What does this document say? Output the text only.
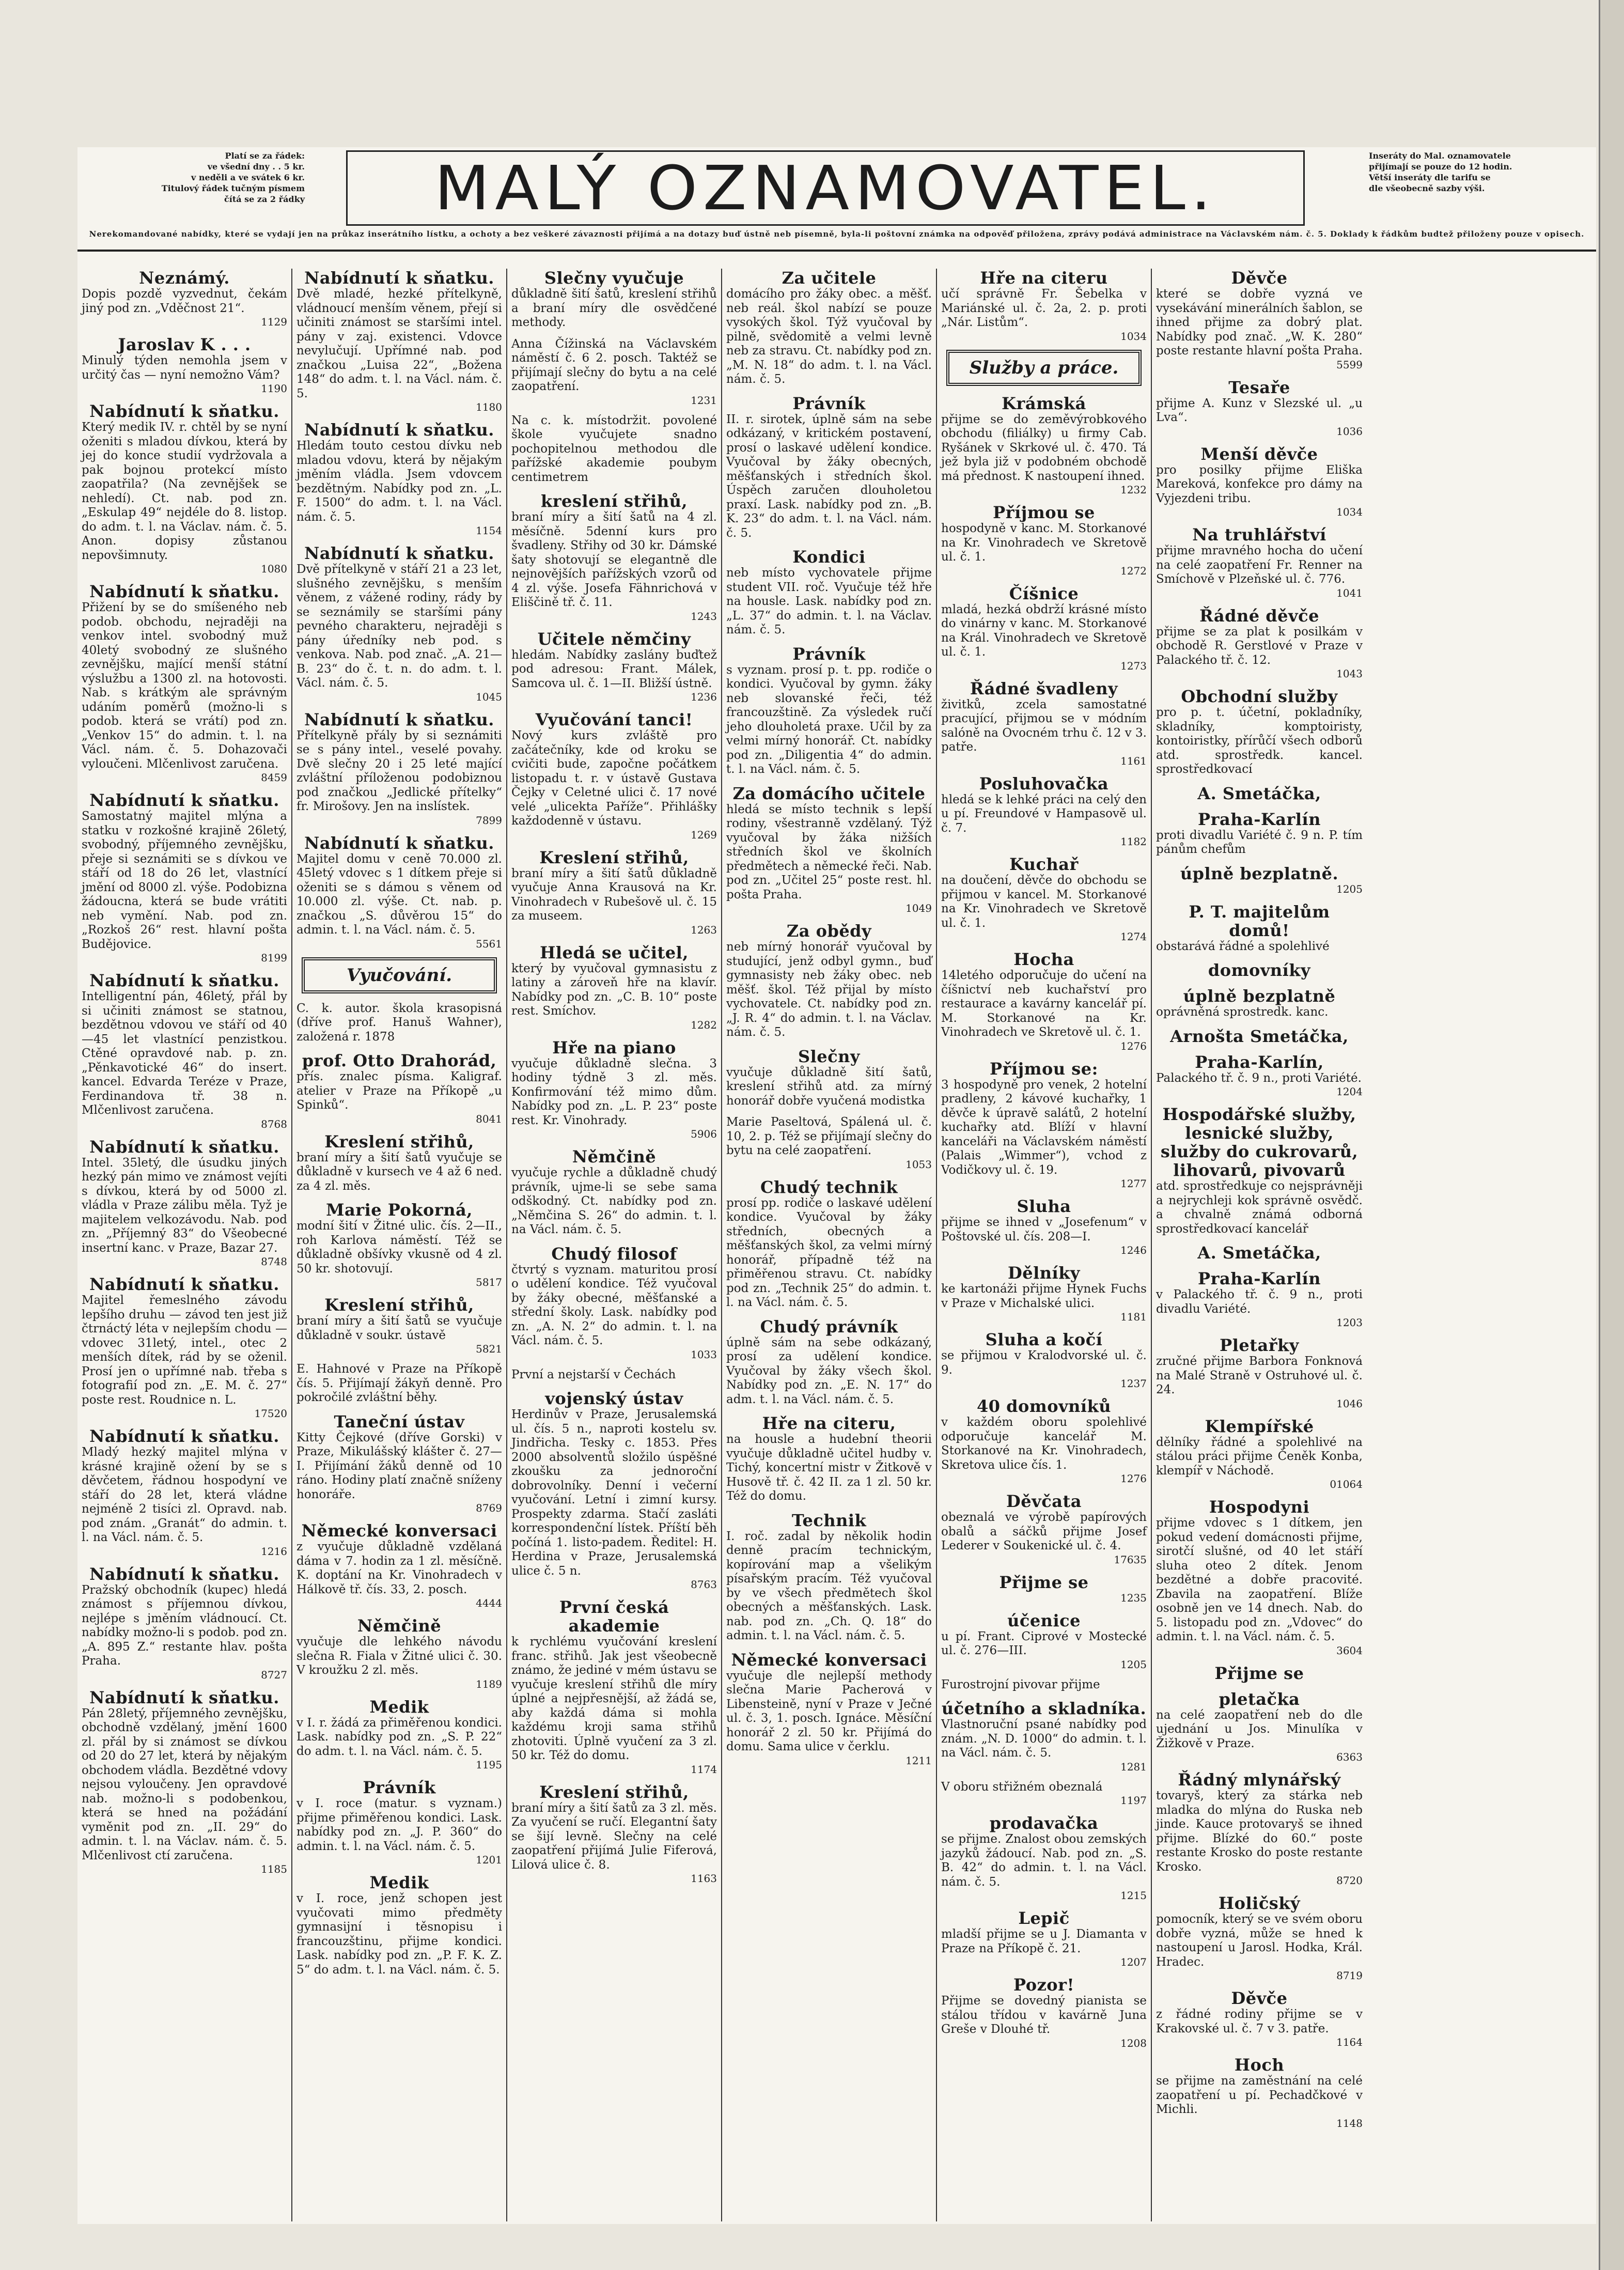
Platí se za řádek:
ve všední dny . . 5 kr.
v neděli a ve svátek 6 kr.
Titulový řádek tučným písmem
čítá se za 2 řádky MALÝ OZNAMOVATEL.	Inseráty do Mal. oznamovatele
přijímají se pouze do 12 hodin.
Větší inseráty dle tarifu se
dle všeobecně sazby výši.
Nerekomandované nabídky, které se vydají jen na průkaz inserátního lístku, a ochoty a bez veškeré závaznosti přijímá a na dotazy buď ústně neb písemně, byla-li poštovní známka na odpověď přiložena, zprávy podává administrace na Václavském nám. č. 5. Doklady k řádkům budtež přiloženy pouze v opisech.
Neznámý.

Dopis pozdě vyzvednut, čekám jiný pod zn. „Vděčnost 21“.

1129
Jaroslav K . . .

Minulý týden nemohla jsem v určitý čas — nyní nemožno Vám?

1190
Nabídnutí k sňatku.

Který medik IV. r. chtěl by se nyní oženiti s mladou dívkou, která by jej do konce studií vydržovala a pak bojnou protekcí místo zaopatřila? (Na zevnějšek se nehledí). Ct. nab. pod zn. „Eskulap 49“ nejdéle do 8. listop. do adm. t. l. na Václav. nám. č. 5. Anon. dopisy zůstanou nepovšimnuty.

1080
Nabídnutí k sňatku.

Přižení by se do smíšeného neb podob. obchodu, nejraději na venkov intel. svobodný muž 40letý svobodný ze slušného zevnějšku, mající menší státní výslužbu a 1300 zl. na hotovosti. Nab. s krátkým ale správným udáním poměrů (možno-li s podob. která se vrátí) pod zn. „Venkov 15“ do admin. t. l. na Václ. nám. č. 5. Dohazovači vyloučeni. Mlčenlivost zaručena.

8459
Nabídnutí k sňatku.

Samostatný majitel mlýna a statku v rozkošné krajině 26letý, svobodný, příjemného zevnějšku, přeje si seznámiti se s dívkou ve stáří od 18 do 26 let, vlastnící jmění od 8000 zl. výše. Podobizna žádoucna, která se bude vrátiti neb vymění. Nab. pod zn. „Rozkoš 26“ rest. hlavní pošta Budějovice.

8199
Nabídnutí k sňatku.

Intelligentní pán, 46letý, přál by si učiniti známost se statnou, bezdětnou vdovou ve stáří od 40—45 let vlastnící penzistkou. Ctěné opravdové nab. p. zn. „Pěnkavotické 46“ do insert. kancel. Edvarda Teréze v Praze, Ferdinandova tř. 38 n. Mlčenlivost zaručena.

8768
Nabídnutí k sňatku.

Intel. 35letý, dle úsudku jiných hezký pán mimo ve známost vejíti s dívkou, která by od 5000 zl. vládla v Praze zálibu měla. Tyž je majitelem velkozávodu. Nab. pod zn. „Příjemný 83“ do Všeobecné insertní kanc. v Praze, Bazar 27.

8748
Nabídnutí k sňatku.

Majitel řemeslného závodu lepšího druhu — závod ten jest již čtrnáctý léta v nejlepším chodu — vdovec 31letý, intel., otec 2 menších dítek, rád by se oženil. Prosí jen o upřímné nab. třeba s fotografií pod zn. „E. M. č. 27“ poste rest. Roudnice n. L.

17520
Nabídnutí k sňatku.

Mladý hezký majitel mlýna v krásné krajině ožení by se s děvčetem, řádnou hospodyní ve stáří do 28 let, která vládne nejméně 2 tisíci zl. Opravd. nab. pod znám. „Granát“ do admin. t. l. na Václ. nám. č. 5.

1216
Nabídnutí k sňatku.

Pražský obchodník (kupec) hledá známost s příjemnou dívkou, nejlépe s jměním vládnoucí. Ct. nabídky možno-li s podob. pod zn. „A. 895 Z.“ restante hlav. pošta Praha.

8727
Nabídnutí k sňatku.

Pán 28letý, příjemného zevnějšku, obchodně vzdělaný, jmění 1600 zl. přál by si známost se dívkou od 20 do 27 let, která by nějakým obchodem vládla. Bezdětné vdovy nejsou vyloučeny. Jen opravdové nab. možno-li s podobenkou, která se hned na požádání vyměnit pod zn. „II. 29“ do admin. t. l. na Václav. nám. č. 5. Mlčenlivost ctí zaručena.

1185
Nabídnutí k sňatku.

Dvě mladé, hezké přítelkyně, vládnoucí menším věnem, přejí si učiniti známost se staršími intel. pány v zaj. existenci. Vdovce nevylučují. Upřímné nab. pod značkou „Luisa 22“, „Božena 148“ do adm. t. l. na Václ. nám. č. 5.

1180
Nabídnutí k sňatku.

Hledám touto cestou dívku neb mladou vdovu, která by nějakým jměním vládla. Jsem vdovcem bezdětným. Nabídky pod zn. „L. F. 1500“ do adm. t. l. na Václ. nám. č. 5.

1154
Nabídnutí k sňatku.

Dvě přítelkyně v stáří 21 a 23 let, slušného zevnějšku, s menším věnem, z vážené rodiny, rády by se seznámily se staršími pány pevného charakteru, nejraději s pány úředníky neb pod. s venkova. Nab. pod znač. „A. 21—B. 23“ do č. t. n. do adm. t. l. Václ. nám. č. 5.

1045
Nabídnutí k sňatku.

Přítelkyně přály by si seznámiti se s pány intel., veselé povahy. Dvě slečny 20 i 25 leté mající zvláštní příloženou podobiznou pod značkou „Jedlické přítelky“ fr. Mirošovy. Jen na inslístek.

7899
Nabídnutí k sňatku.

Majitel domu v ceně 70.000 zl. 45letý vdovec s 1 dítkem přeje si oženiti se s dámou s věnem od 10.000 zl. výše. Ct. nab. p. značkou „S. důvěrou 15“ do admin. t. l. na Václ. nám. č. 5.

5561
Vyučování.

C. k. autor. škola krasopisná (dříve prof. Hanuš Wahner), založená r. 1878

prof. Otto Drahorád,

přís. znalec písma. Kaligraf. atelier v Praze na Příkopě „u Spinků“.

8041
Kreslení střihů,

braní míry a šití šatů vyučuje se důkladně v kursech ve 4 až 6 ned. za 4 zl. měs.

Marie Pokorná,

modní šití v Žitné ulic. čís. 2—II., roh Karlova náměstí. Též se důkladně obšívky vkusně od 4 zl. 50 kr. shotovují.

5817
Kreslení střihů,

braní míry a šití šatů se vyučuje důkladně v soukr. ústavě

5821

E. Hahnové v Praze na Příkopě čís. 5. Přijímají žákyň denně. Pro pokročilé zvláštní běhy.

Taneční ústav

Kitty Čejkové (dříve Gorski) v Praze, Mikulášský klášter č. 27—I. Přijímání žáků denně od 10 ráno. Hodiny platí značně sníženy honoráře.

8769
Německé konversaci

z vyučuje důkladně vzdělaná dáma v 7. hodin za 1 zl. měsíčně. K. doptání na Kr. Vinohradech v Hálkově tř. čís. 33, 2. posch.

4444
Němčině

vyučuje dle lehkého návodu slečna R. Fiala v Žitné ulici č. 30. V kroužku 2 zl. měs.

1189
Medik

v I. r. žádá za přiměřenou kondici. Lask. nabídky pod zn. „S. P. 22“ do adm. t. l. na Václ. nám. č. 5.

1195
Právník

v I. roce (matur. s vyznam.) přijme přiměřenou kondici. Lask. nabídky pod zn. „J. P. 360“ do admin. t. l. na Václ. nám. č. 5.

1201
Medik

v I. roce, jenž schopen jest vyučovati mimo předměty gymnasijní i těsnopisu i francouzštinu, přijme kondici. Lask. nabídky pod zn. „P. F. K. Z. 5“ do adm. t. l. na Václ. nám. č. 5.

Slečny vyučuje

důkladně šití šatů, kreslení střihů a braní míry dle osvědčené methody.

Anna Čížinská na Václavském náměstí č. 6 2. posch. Taktéž se přijímají slečny do bytu a na celé zaopatření.

1231

Na c. k. místodržit. povolené škole vyučujete snadno pochopitelnou methodou dle pařížské akademie poubym centimetrem

kreslení střihů,

braní míry a šití šatů na 4 zl. měsíčně. 5denní kurs pro švadleny. Střihy od 30 kr. Dámské šaty shotovují se elegantně dle nejnovějších pařížských vzorů od 4 zl. výše. Josefa Fähnrichová v Eliščině tř. č. 11.

1243
Učitele němčiny

hledám. Nabídky zaslány buďtež pod adresou: Frant. Málek, Samcova ul. č. 1—II. Bližší ústně.

1236
Vyučování tanci!

Nový kurs zvláště pro začátečníky, kde od kroku se cvičiti bude, započne počátkem listopadu t. r. v ústavě Gustava Čejky v Celetné ulici č. 17 nové velé „ulicekta Paříže“. Přihlášky každodenně v ústavu.

1269
Kreslení střihů,

braní míry a šití šatů důkladně vyučuje Anna Krausová na Kr. Vinohradech v Rubešově ul. č. 15 za museem.

1263
Hledá se učitel,

který by vyučoval gymnasistu z latiny a zároveň hře na klavír. Nabídky pod zn. „C. B. 10“ poste rest. Smíchov.

1282
Hře na piano

vyučuje důkladně slečna. 3 hodiny týdně 3 zl. měs. Konfirmování též mimo dům. Nabídky pod zn. „L. P. 23“ poste rest. Kr. Vinohrady.

5906
Němčině

vyučuje rychle a důkladně chudý právník, ujme-li se sebe sama odškodný. Ct. nabídky pod zn. „Němčina S. 26“ do admin. t. l. na Václ. nám. č. 5.

Chudý filosof

čtvrtý s vyznam. maturitou prosí o udělení kondice. Též vyučoval by žáky obecné, měšťanské a střední školy. Lask. nabídky pod zn. „A. N. 2“ do admin. t. l. na Václ. nám. č. 5.

1033

První a nejstarší v Čechách

vojenský ústav

Herdinův v Praze, Jerusalemská ul. čís. 5 n., naproti kostelu sv. Jindřicha. Tesky c. 1853. Přes 2000 absolventů složilo úspěšné zkoušku za jednoroční dobrovolníky. Denní i večerní vyučování. Letní i zimní kursy. Prospekty zdarma. Stačí zasláti korrespondenční lístek. Příští běh počíná 1. listo-padem. Ředitel: H. Herdina v Praze, Jerusalemská ulice č. 5 n.

8763
První česká akademie

k rychlému vyučování kreslení franc. střihů. Jak jest všeobecně známo, že jediné v mém ústavu se vyučuje kreslení střihů dle míry úplné a nejpřesnější, až žádá se, aby každá dáma si mohla každému kroji sama střihů zhotoviti. Úplně vyučení za 3 zl. 50 kr. Též do domu.

1174
Kreslení střihů,

braní míry a šití šatů za 3 zl. měs. Za vyučení se ručí. Elegantní šaty se šijí levně. Slečny na celé zaopatření přijímá Julie Fiferová, Lilová ulice č. 8.

1163
Za učitele

domácího pro žáky obec. a měšť. neb reál. škol nabízí se pouze vysokých škol. Týž vyučoval by pilně, svědomitě a velmi levně neb za stravu. Ct. nabídky pod zn. „M. N. 18“ do adm. t. l. na Václ. nám. č. 5.

Právník

II. r. sirotek, úplně sám na sebe odkázaný, v kritickém postavení, prosí o laskavé udělení kondice. Vyučoval by žáky obecných, měšťanských i středních škol. Úspěch zaručen dlouholetou praxí. Lask. nabídky pod zn. „B. K. 23“ do adm. t. l. na Václ. nám. č. 5.

Kondici

neb místo vychovatele přijme student VII. roč. Vyučuje též hře na housle. Lask. nabídky pod zn. „L. 37“ do admin. t. l. na Václav. nám. č. 5.

Právník

s vyznam. prosí p. t. pp. rodiče o kondici. Vyučoval by gymn. žáky neb slovanské řeči, též francouzštině. Za výsledek ručí jeho dlouholetá praxe. Učil by za velmi mírný honorář. Ct. nabídky pod zn. „Diligentia 4“ do admin. t. l. na Václ. nám. č. 5.

Za domácího učitele

hledá se místo technik s lepší rodiny, všestranně vzdělaný. Týž vyučoval by žáka nižších středních škol ve školních předmětech a německé řeči. Nab. pod zn. „Učitel 25“ poste rest. hl. pošta Praha.

1049
Za obědy

neb mírný honorář vyučoval by studující, jenž odbyl gymn., buď gymnasisty neb žáky obec. neb měšť. škol. Též přijal by místo vychovatele. Ct. nabídky pod zn. „J. R. 4“ do admin. t. l. na Václav. nám. č. 5.

Slečny

vyučuje důkladně šití šatů, kreslení střihů atd. za mírný honorář dobře vyučená modistka

Marie Paseltová, Spálená ul. č. 10, 2. p. Též se přijímají slečny do bytu na celé zaopatření.

1053
Chudý technik

prosí pp. rodiče o laskavé udělení kondice. Vyučoval by žáky středních, obecných a měšťanských škol, za velmi mírný honorář, případně též na přiměřenou stravu. Ct. nabídky pod zn. „Technik 25“ do admin. t. l. na Václ. nám. č. 5.

Chudý právník

úplně sám na sebe odkázaný, prosí za udělení kondice. Vyučoval by žáky všech škol. Nabídky pod zn. „E. N. 17“ do adm. t. l. na Václ. nám. č. 5.

Hře na citeru,

na housle a hudební theorii vyučuje důkladně učitel hudby v. Tichý, koncertní mistr v Žitkově v Husově tř. č. 42 II. za 1 zl. 50 kr. Též do domu.

Technik

I. roč. zadal by několik hodin denně pracím technickým, kopírování map a všelikým písařským pracím. Též vyučoval by ve všech předmětech škol obecných a měšťanských. Lask. nab. pod zn. „Ch. Q. 18“ do admin. t. l. na Václ. nám. č. 5.

Německé konversaci

vyučuje dle nejlepší methody slečna Marie Pacherová v Libensteině, nyní v Praze v Ječné ul. č. 3, 1. posch. Ignáce. Měsíční honorář 2 zl. 50 kr. Přijímá do domu. Sama ulice v čerklu.

1211
Hře na citeru

učí správně Fr. Šebelka v Mariánské ul. č. 2a, 2. p. proti „Nár. Listům“.

1034
Služby a práce.
Krámská

přijme se do zeměvýrobkového obchodu (filiálky) u firmy Cab. Ryšánek v Skrkové ul. č. 470. Tá jež byla již v podobném obchodě má přednost. K nastoupení ihned.

1232
Příjmou se

hospodyně v kanc. M. Storkanové na Kr. Vinohradech ve Skretově ul. č. 1.

1272
Číšnice

mladá, hezká obdrží krásné místo do vinárny v kanc. M. Storkanové na Král. Vinohradech ve Skretově ul. č. 1.

1273
Řádné švadleny

živitků, zcela samostatné pracující, přijmou se v módním salóně na Ovocném trhu č. 12 v 3. patře.

1161
Posluhovačka

hledá se k lehké práci na celý den u pí. Freundové v Hampasově ul. č. 7.

1182
Kuchař

na doučení, děvče do obchodu se přijmou v kancel. M. Storkanové na Kr. Vinohradech ve Skretově ul. č. 1.

1274
Hocha

14letého odporučuje do učení na číšnictví neb kuchařství pro restaurace a kavárny kancelář pí. M. Storkanové na Kr. Vinohradech ve Skretově ul. č. 1.

1276
Příjmou se:

3 hospodyně pro venek, 2 hotelní pradleny, 2 kávové kuchařky, 1 děvče k úpravě salátů, 2 hotelní kuchařky atd. Blíží v hlavní kanceláři na Václavském náměstí (Palais „Wimmer“), vchod z Vodičkovy ul. č. 19.

1277
Sluha

přijme se ihned v „Josefenum“ v Poštovské ul. čís. 208—I.

1246
Dělníky

ke kartonáži přijme Hynek Fuchs v Praze v Michalské ulici.

1181
Sluha a kočí

se přijmou v Kralodvorské ul. č. 9.

1237
40 domovníků

v každém oboru spolehlivé odporučuje kancelář M. Storkanové na Kr. Vinohradech, Skretova ulice čís. 1.

1276
Děvčata

obeznalá ve výrobě papírových obalů a sáčků přijme Josef Lederer v Soukenické ul. č. 4.

17635
Přijme se
1235
účenice

u pí. Frant. Ciprové v Mostecké ul. č. 276—III.

1205

Furostrojní pivovar přijme

účetního a skladníka.

Vlastnoruční psané nabídky pod znám. „N. D. 1000“ do admin. t. l. na Václ. nám. č. 5.

1281

V oboru střižném obeznalá

1197
prodavačka

se přijme. Znalost obou zemských jazyků žádoucí. Nab. pod zn. „S. B. 42“ do admin. t. l. na Václ. nám. č. 5.

1215
Lepič

mladší přijme se u J. Diamanta v Praze na Příkopě č. 21.

1207
Pozor!

Přijme se dovedný pianista se stálou třídou v kavárně Juna Greše v Dlouhé tř.

1208
Děvče

které se dobře vyzná ve vysekávání minerálních šablon, se ihned přijme za dobrý plat. Nabídky pod znač. „W. K. 280“ poste restante hlavní pošta Praha.

5599
Tesaře

přijme A. Kunz v Slezské ul. „u Lva“.

1036
Menší děvče

pro posilky přijme Eliška Mareková, konfekce pro dámy na Vyjezdeni tribu.

1034
Na truhlářství

přijme mravného hocha do učení na celé zaopatření Fr. Renner na Smíchově v Plzeňské ul. č. 776.

1041
Řádné děvče

přijme se za plat k posilkám v obchodě R. Gerstlové v Praze v Palackého tř. č. 12.

1043
Obchodní služby

pro p. t. účetní, pokladníky, skladníky, komptoiristy, kontoiristky, přírůčí všech odborů atd. sprostředk. kancel. sprostředkovací

A. Smetáčka,
Praha-Karlín

proti divadlu Variété č. 9 n. P. tím pánům chefům

úplně bezplatně.
1205
P. T. majitelům domů!

obstarává řádné a spolehlivé

domovníky
úplně bezplatně

oprávněná sprostredk. kanc.

Arnošta Smetáčka,
Praha-Karlín,

Palackého tř. č. 9 n., proti Variété.

1204
Hospodářské služby, lesnické služby, služby do cukrovarů, lihovarů, pivovarů

atd. sprostředkuje co nejsprávněji a nejrychleji kok správně osvědč. a chvalně známá odborná sprostředkovací kancelář

A. Smetáčka,
Praha-Karlín

v Palackého tř. č. 9 n., proti divadlu Variété.

1203
Pletařky

zručné přijme Barbora Fonknová na Malé Straně v Ostruhové ul. č. 24.

1046
Klempířské

dělníky řádné a spolehlivé na stálou práci přijme Čeněk Konba, klempíř v Náchodě.

01064
Hospodyni

přijme vdovec s 1 dítkem, jen pokud vedení domácnosti přijme, sirotčí slušné, od 40 let stáří sluha oteo 2 dítek. Jenom bezdětné a dobře pracovité. Zbavila na zaopatření. Blíže osobně jen ve 14 dnech. Nab. do 5. listopadu pod zn. „Vdovec“ do admin. t. l. na Václ. nám. č. 5.

3604
Přijme se
pletačka

na celé zaopatření neb do dle ujednání u Jos. Minulíka v Žižkově v Praze.

6363
Řádný mlynářský

tovaryš, který za stárka neb mladka do mlýna do Ruska neb jinde. Kauce protovaryš se ihned přijme. Blízké do 60.“ poste restante Krosko do poste restante Krosko.

8720
Holičský

pomocník, který se ve svém oboru dobře vyzná, může se hned k nastoupení u Jarosl. Hodka, Král. Hradec.

8719
Děvče

z řádné rodiny přijme se v Krakovské ul. č. 7 v 3. patře.

1164
Hoch

se přijme na zaměstnání na celé zaopatření u pí. Pechadčkové v Michli.

1148
